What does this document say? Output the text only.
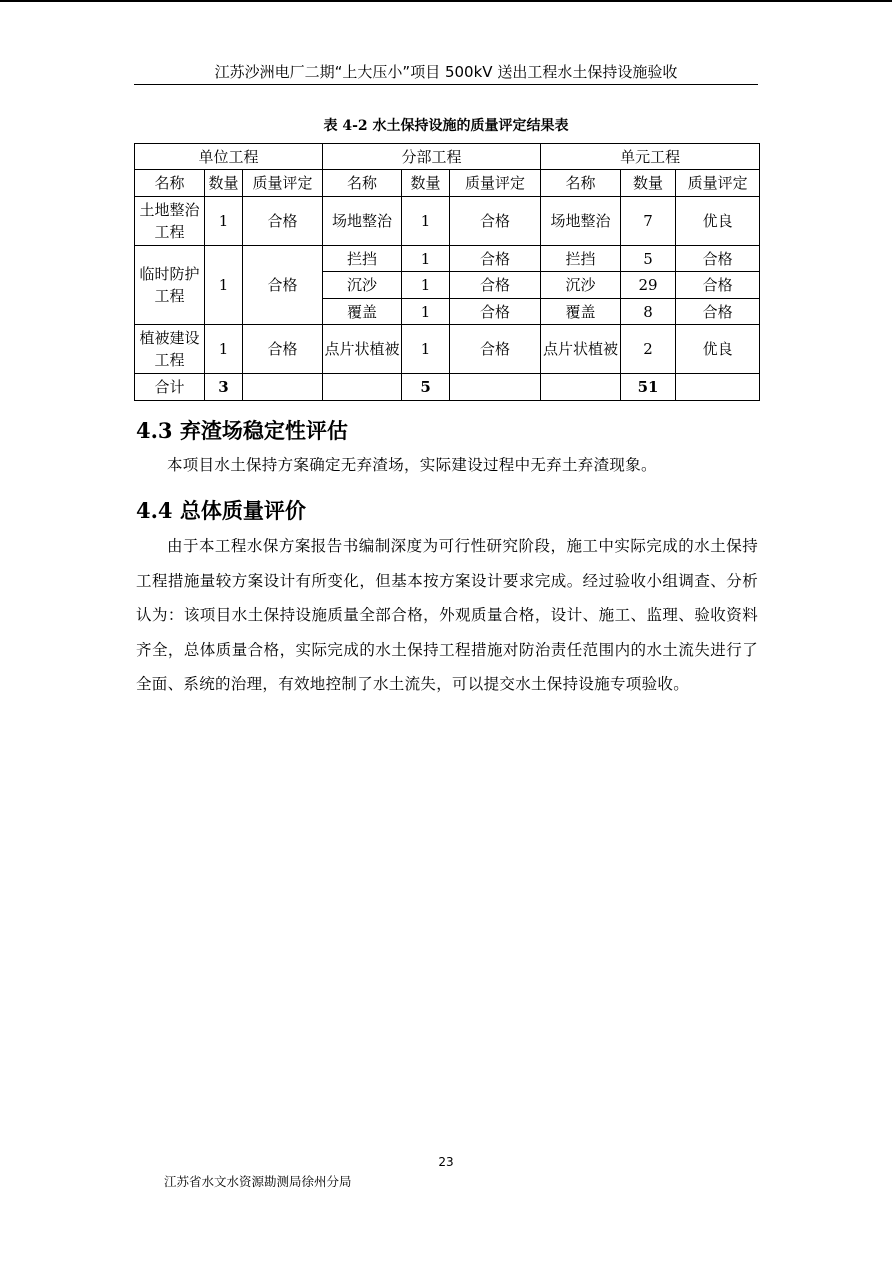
江苏沙洲电厂二期“上大压小”项目 500kV 送出工程水土保持设施验收
表 4-2 水土保持设施的质量评定结果表
单位工程			分部工程			单元工程		
名称	数量	质量评定	名称	数量	质量评定	名称	数量	质量评定
土地整治工程	1	合格	场地整治	1	合格	场地整治	7	优良
临时防护工程	1	合格	拦挡	1	合格	拦挡	5	合格
			沉沙	1	合格	沉沙	29	合格
			覆盖	1	合格	覆盖	8	合格
植被建设工程	1	合格	点片状植被	1	合格	点片状植被	2	优良
合计	3			5			51	
4.3 弃渣场稳定性评估
本项目水土保持方案确定无弃渣场，实际建设过程中无弃土弃渣现象。
4.4 总体质量评价
由于本工程水保方案报告书编制深度为可行性研究阶段，施工中实际完成的水土保持工程措施量较方案设计有所变化，但基本按方案设计要求完成。经过验收小组调查、分析认为：该项目水土保持设施质量全部合格，外观质量合格，设计、施工、监理、验收资料齐全，总体质量合格，实际完成的水土保持工程措施对防治责任范围内的水土流失进行了全面、系统的治理，有效地控制了水土流失，可以提交水土保持设施专项验收。
23
江苏省水文水资源勘测局徐州分局
